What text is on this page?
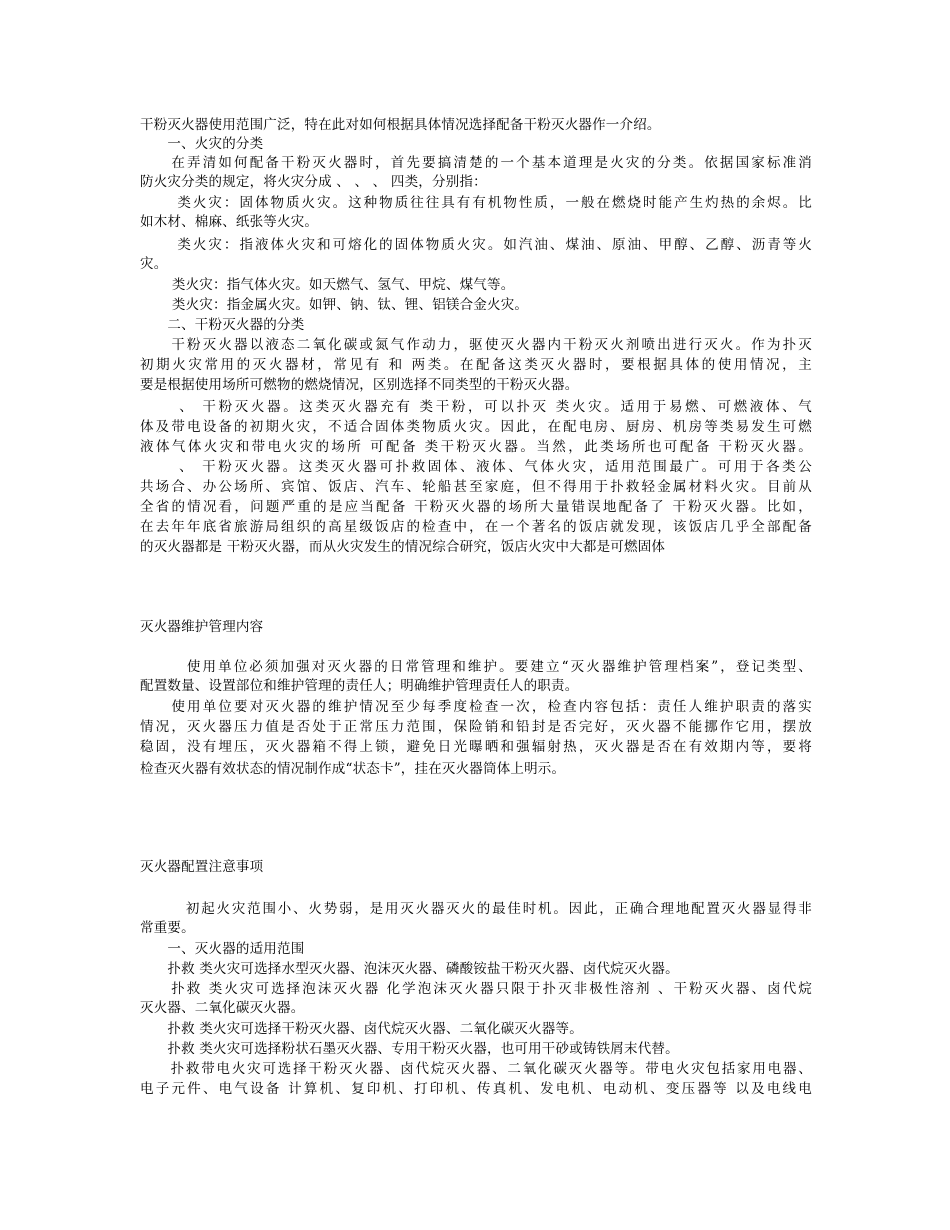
干粉灭火器使用范围广泛，特在此对如何根据具体情况选择配备干粉灭火器作一介绍。
　　一、火灾的分类
　　在弄清如何配备干粉灭火器时，首先要搞清楚的一个基本道理是火灾的分类。依据国家标准消
防火灾分类的规定，将火灾分成 、 、 、 四类，分别指：
　　 类火灾：固体物质火灾。这种物质往往具有有机物性质，一般在燃烧时能产生灼热的余烬。比
如木材、棉麻、纸张等火灾。
　　 类火灾：指液体火灾和可熔化的固体物质火灾。如汽油、煤油、原油、甲醇、乙醇、沥青等火
灾。
　　 类火灾：指气体火灾。如天燃气、氢气、甲烷、煤气等。
　　 类火灾：指金属火灾。如钾、钠、钛、锂、铝镁合金火灾。
　　二、干粉灭火器的分类
　　干粉灭火器以液态二氧化碳或氮气作动力，驱使灭火器内干粉灭火剂喷出进行灭火。作为扑灭
初期火灾常用的灭火器材，常见有 和 两类。在配备这类灭火器时，要根据具体的使用情况，主
要是根据使用场所可燃物的燃烧情况，区别选择不同类型的干粉灭火器。
　　 、 干粉灭火器。这类灭火器充有 类干粉，可以扑灭 类火灾。适用于易燃、可燃液体、气
体及带电设备的初期火灾，不适合固体类物质火灾。因此，在配电房、厨房、机房等类易发生可燃
液体气体火灾和带电火灾的场所 可配备 类干粉灭火器。当然，此类场所也可配备 干粉灭火器。
　　 、 干粉灭火器。这类灭火器可扑救固体、液体、气体火灾，适用范围最广。可用于各类公
共场合、办公场所、宾馆、饭店、汽车、轮船甚至家庭，但不得用于扑救轻金属材料火灾。目前从
全省的情况看，问题严重的是应当配备 干粉灭火器的场所大量错误地配备了 干粉灭火器。比如，
在去年年底省旅游局组织的高星级饭店的检查中，在一个著名的饭店就发现，该饭店几乎全部配备
的灭火器都是 干粉灭火器，而从火灾发生的情况综合研究，饭店火灾中大都是可燃固体
灭火器维护管理内容
　　　使用单位必须加强对灭火器的日常管理和维护。要建立“灭火器维护管理档案”，登记类型、
配置数量、设置部位和维护管理的责任人；明确维护管理责任人的职责。
　　使用单位要对灭火器的维护情况至少每季度检查一次，检查内容包括：责任人维护职责的落实
情况，灭火器压力值是否处于正常压力范围，保险销和铅封是否完好，灭火器不能挪作它用，摆放
稳固，没有埋压，灭火器箱不得上锁，避免日光曝晒和强辐射热，灭火器是否在有效期内等，要将
检查灭火器有效状态的情况制作成“状态卡”，挂在灭火器筒体上明示。
灭火器配置注意事项
　　　初起火灾范围小、火势弱，是用灭火器灭火的最佳时机。因此，正确合理地配置灭火器显得非
常重要。
　　一、灭火器的适用范围
　　扑救 类火灾可选择水型灭火器、泡沫灭火器、磷酸铵盐干粉灭火器、卤代烷灭火器。
　　扑救 类火灾可选择泡沫灭火器 化学泡沫灭火器只限于扑灭非极性溶剂 、干粉灭火器、卤代烷
灭火器、二氧化碳灭火器。
　　扑救 类火灾可选择干粉灭火器、卤代烷灭火器、二氧化碳灭火器等。
　　扑救 类火灾可选择粉状石墨灭火器、专用干粉灭火器，也可用干砂或铸铁屑末代替。
　　扑救带电火灾可选择干粉灭火器、卤代烷灭火器、二氧化碳灭火器等。带电火灾包括家用电器、
电子元件、电气设备 计算机、复印机、打印机、传真机、发电机、电动机、变压器等 以及电线电
